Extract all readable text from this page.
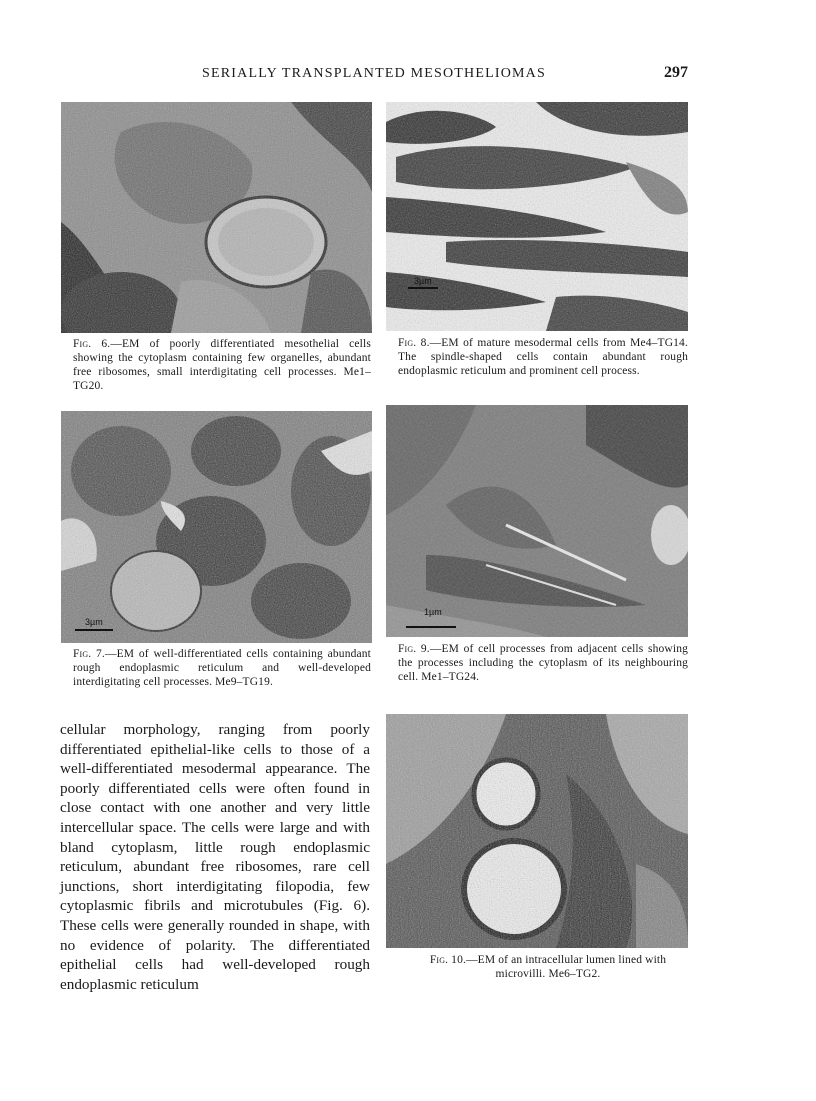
SERIALLY TRANSPLANTED MESOTHELIOMAS	297
Fig. 6.—EM of poorly differentiated mesothelial cells showing the cytoplasm containing few organelles, abundant free ribosomes, small interdigitating cell processes. Me1–TG20.
3µm
Fig. 7.—EM of well-differentiated cells containing abundant rough endoplasmic reticulum and well-developed interdigitating cell processes. Me9–TG19.
3µm
Fig. 8.—EM of mature mesodermal cells from Me4–TG14. The spindle-shaped cells contain abundant rough endoplasmic reticulum and prominent cell process.
1µm
Fig. 9.—EM of cell processes from adjacent cells showing the processes including the cytoplasm of its neighbouring cell. Me1–TG24.
Fig. 10.—EM of an intracellular lumen lined with microvilli. Me6–TG2.
cellular morphology, ranging from poorly differentiated epithelial-like cells to those of a well-differentiated mesodermal appearance. The poorly differentiated cells were often found in close contact with one another and very little intercellular space. The cells were large and with bland cytoplasm, little rough endoplasmic reticulum, abundant free ribosomes, rare cell junctions, short interdigitating filopodia, few cytoplasmic fibrils and microtubules (Fig. 6). These cells were generally rounded in shape, with no evidence of polarity. The differentiated epithelial cells had well-developed rough endoplasmic reticulum
